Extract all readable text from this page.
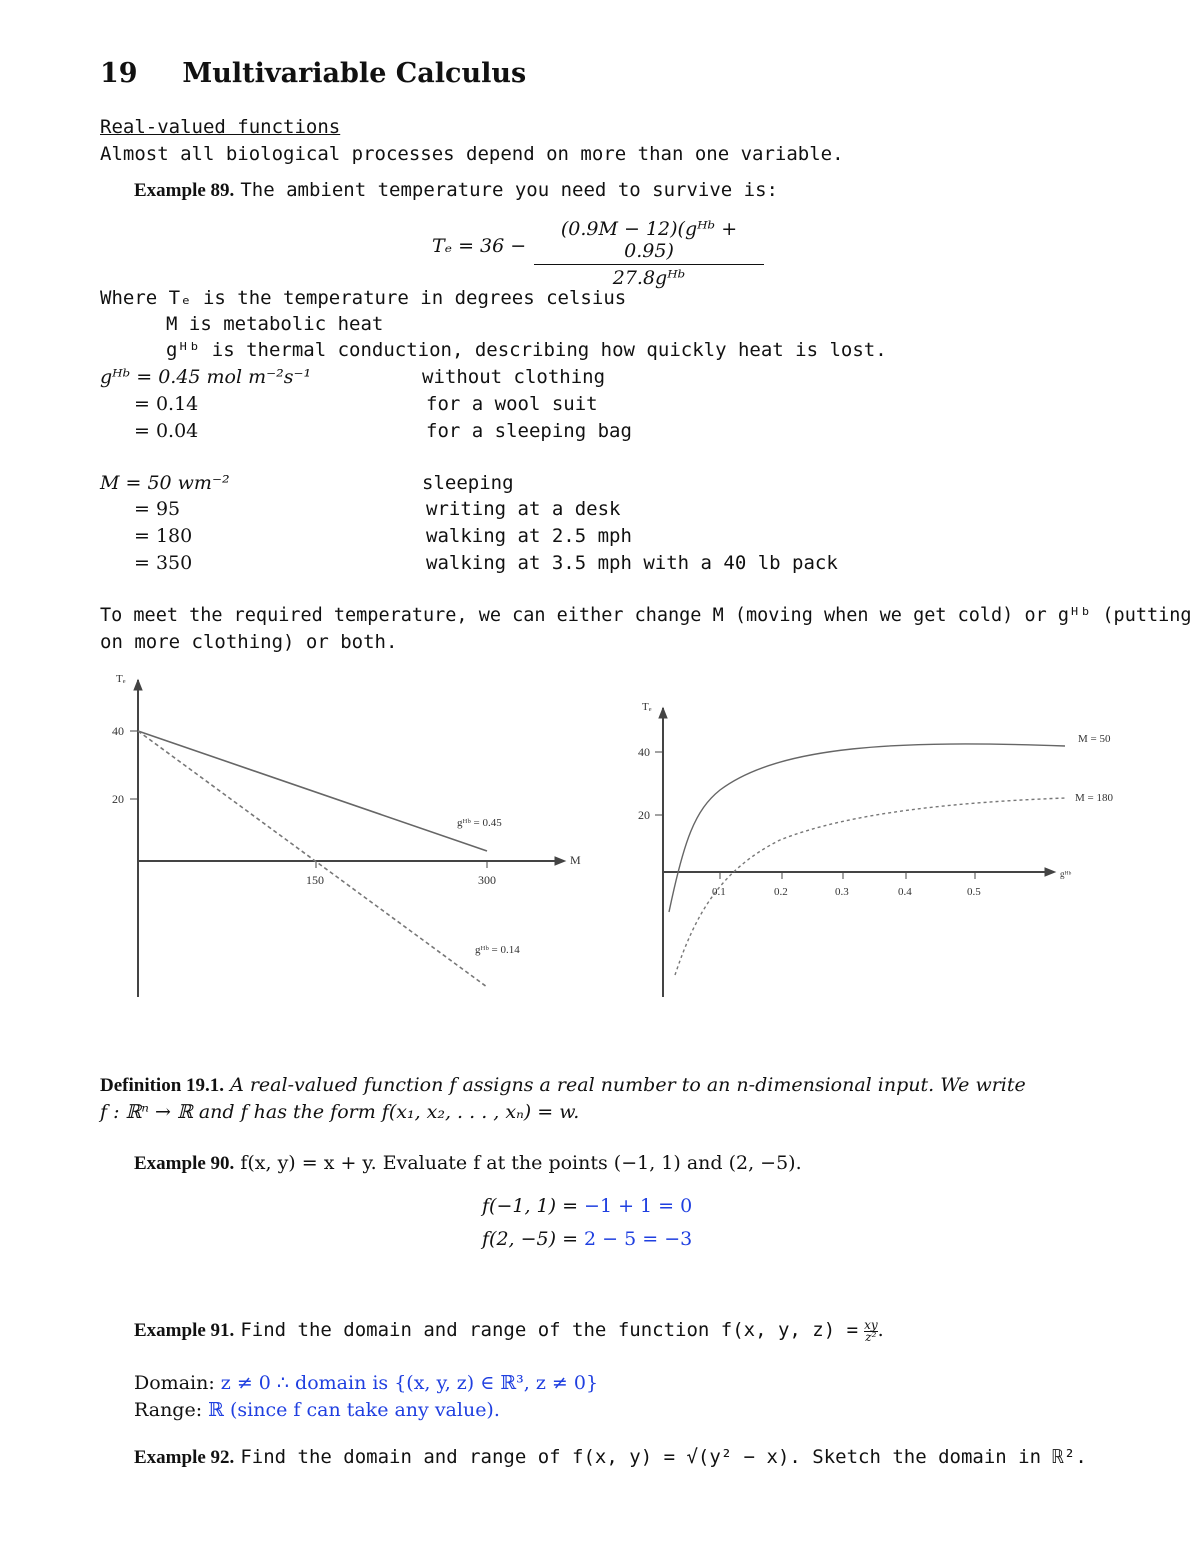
19 Multivariable Calculus
Real-valued functions
Almost all biological processes depend on more than one variable.
Example 89. The ambient temperature you need to survive is:
Tₑ = 36 −
(0.9M − 12)(gᴴᵇ + 0.95)
27.8gᴴᵇ
Where Tₑ is the temperature in degrees celsius
M is metabolic heat
gᴴᵇ is thermal conduction, describing how quickly heat is lost.
gᴴᵇ = 0.45 mol m⁻²s⁻¹	without clothing
= 0.14	for a wool suit
= 0.04	for a sleeping bag
M = 50 wm⁻²	sleeping
= 95	writing at a desk
= 180	walking at 2.5 mph
= 350	walking at 3.5 mph with a 40 lb pack
To meet the required temperature, we can either change M (moving when we get cold) or gᴴᵇ (putting
on more clothing) or both.
Tₑ
40
20
150	300
M
gᴴᵇ = 0.45
gᴴᵇ = 0.14
Tₑ
40
20
0.1	0.2	0.3	0.4	0.5
gᴴᵇ
M = 50
M = 180
Definition 19.1. A real-valued function f assigns a real number to an n-dimensional input. We write
f : ℝⁿ → ℝ and f has the form f(x₁, x₂, . . . , xₙ) = w.
Example 90. f(x, y) = x + y. Evaluate f at the points (−1, 1) and (2, −5).
f(−1, 1) = −1 + 1 = 0
f(2, −5) = 2 − 5 = −3
Example 91. Find the domain and range of the function f(x, y, $z) = \frac{xy}{\text{z²}}$ .
Domain: z ≠ 0 ∴ domain is {(x, y, z) ∈ ℝ³, z ≠ 0}
Range: ℝ (since f can take any value).
Example 92. Find the domain and range of f(x, y) = √(y² − x). Sketch the domain in ℝ².
